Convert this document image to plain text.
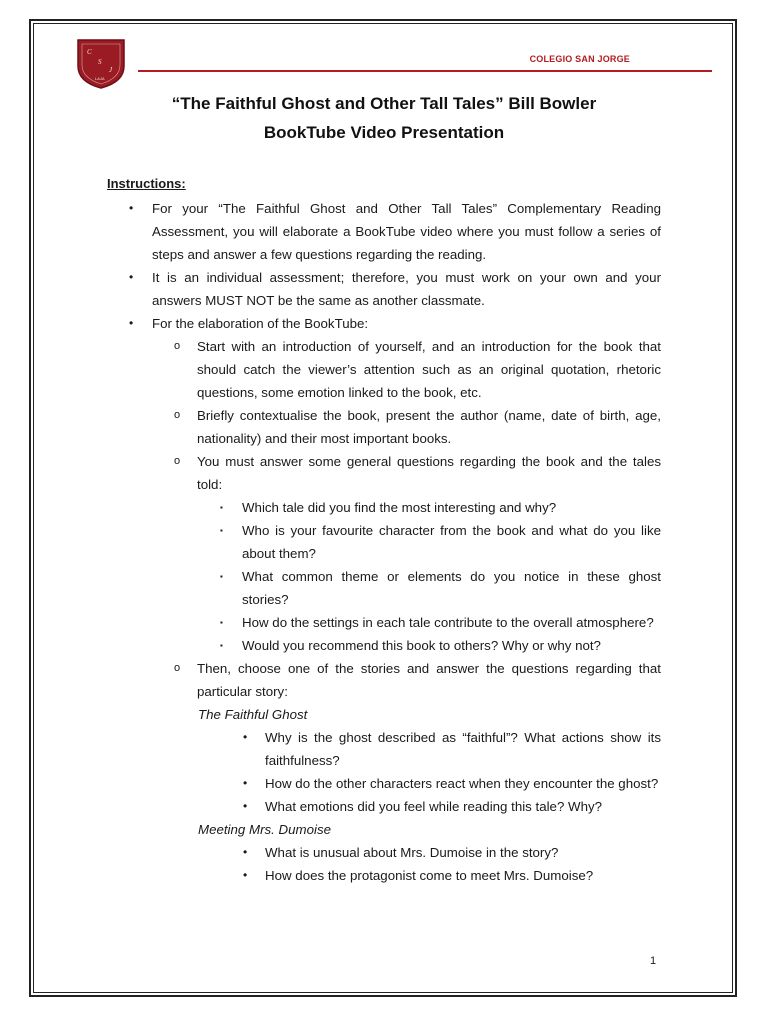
C
S
J
LAJA
COLEGIO SAN JORGE
“The Faithful Ghost and Other Tall Tales” Bill Bowler
BookTube Video Presentation
Instructions:
• For your “The Faithful Ghost and Other Tall Tales” Complementary Reading Assessment, you will elaborate a BookTube video where you must follow a series of steps and answer a few questions regarding the reading.
• It is an individual assessment; therefore, you must work on your own and your answers MUST NOT be the same as another classmate.
• For the elaboration of the BookTube:
o Start with an introduction of yourself, and an introduction for the book that should catch the viewer’s attention such as an original quotation, rhetoric questions, some emotion linked to the book, etc.
o Briefly contextualise the book, present the author (name, date of birth, age, nationality) and their most important books.
o You must answer some general questions regarding the book and the tales told:
▪ Which tale did you find the most interesting and why?
▪ Who is your favourite character from the book and what do you like about them?
▪ What common theme or elements do you notice in these ghost stories?
▪ How do the settings in each tale contribute to the overall atmosphere?
▪ Would you recommend this book to others? Why or why not?
o Then, choose one of the stories and answer the questions regarding that particular story:
The Faithful Ghost
• Why is the ghost described as “faithful”? What actions show its faithfulness?
• How do the other characters react when they encounter the ghost?
• What emotions did you feel while reading this tale? Why?
Meeting Mrs. Dumoise
• What is unusual about Mrs. Dumoise in the story?
• How does the protagonist come to meet Mrs. Dumoise?
1
